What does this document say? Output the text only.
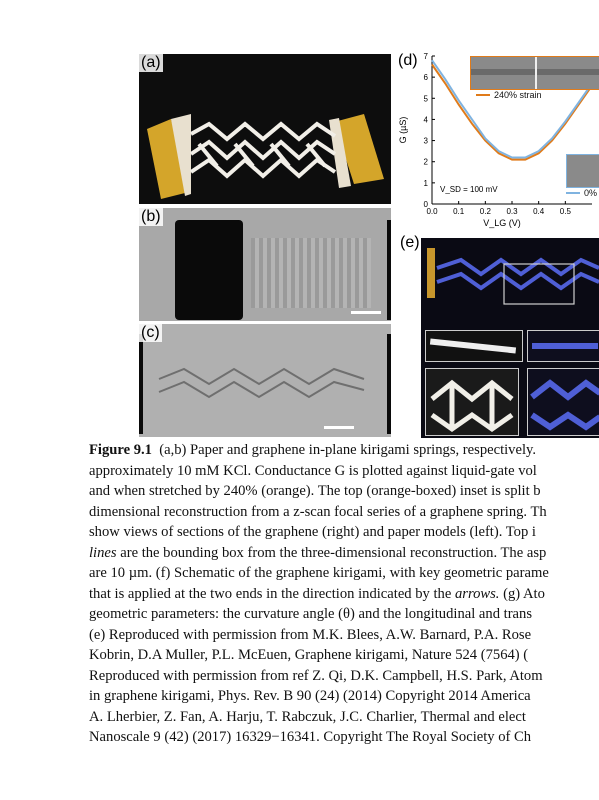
(a)
(b)
(c)
0
1
2
3
4
5
6
7
0.0 0.1 0.2 0.3 0.4 0.5
V_LG (V)
G (µS)
V_SD = 100 mV
240% strain
0%
(d)
(e)
Figure 9.1 (a,b) Paper and graphene in-plane kirigami springs, respectively.
approximately 10 mM KCl. Conductance G is plotted against liquid-gate vol
and when stretched by 240% (orange). The top (orange-boxed) inset is split b
dimensional reconstruction from a z-scan focal series of a graphene spring. Th
show views of sections of the graphene (right) and paper models (left). Top i
lines are the bounding box from the three-dimensional reconstruction. The asp
are 10 µm. (f) Schematic of the graphene kirigami, with key geometric parame
that is applied at the two ends in the direction indicated by the arrows. (g) Ato
geometric parameters: the curvature angle (θ) and the longitudinal and trans
(e) Reproduced with permission from M.K. Blees, A.W. Barnard, P.A. Rose
Kobrin, D.A Muller, P.L. McEuen, Graphene kirigami, Nature 524 (7564) (
Reproduced with permission from ref Z. Qi, D.K. Campbell, H.S. Park, Atom
in graphene kirigami, Phys. Rev. B 90 (24) (2014) Copyright 2014 America
A. Lherbier, Z. Fan, A. Harju, T. Rabczuk, J.C. Charlier, Thermal and elect
Nanoscale 9 (42) (2017) 16329−16341. Copyright The Royal Society of Ch
